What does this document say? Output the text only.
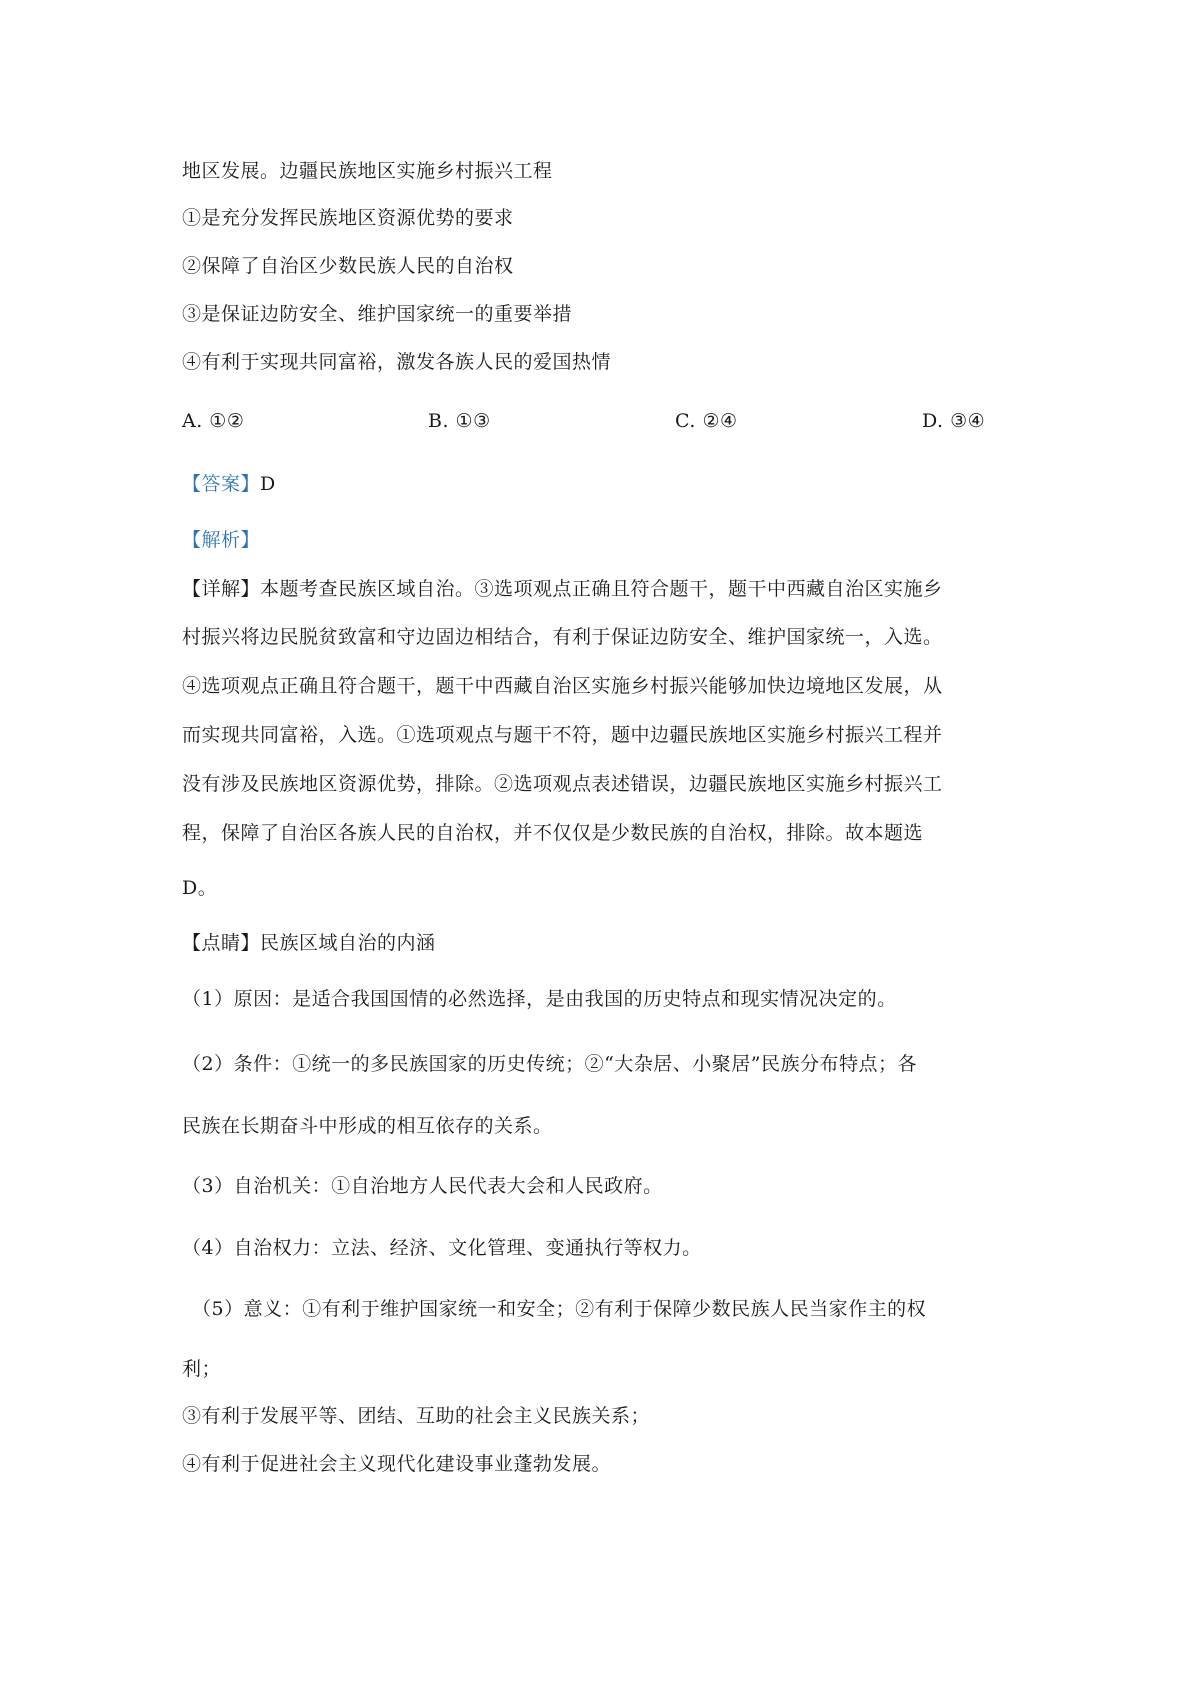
地区发展。边疆民族地区实施乡村振兴工程
①是充分发挥民族地区资源优势的要求
②保障了自治区少数民族人民的自治权
③是保证边防安全、维护国家统一的重要举措
④有利于实现共同富裕，激发各族人民的爱国热情
A. ①②	B. ①③	C. ②④	D. ③④
【答案】D
【解析】
【详解】本题考查民族区域自治。③选项观点正确且符合题干，题干中西藏自治区实施乡
村振兴将边民脱贫致富和守边固边相结合，有利于保证边防安全、维护国家统一，入选。
④选项观点正确且符合题干，题干中西藏自治区实施乡村振兴能够加快边境地区发展，从
而实现共同富裕，入选。①选项观点与题干不符，题中边疆民族地区实施乡村振兴工程并
没有涉及民族地区资源优势，排除。②选项观点表述错误，边疆民族地区实施乡村振兴工
程，保障了自治区各族人民的自治权，并不仅仅是少数民族的自治权，排除。故本题选
D。
【点睛】民族区域自治的内涵
（1）原因：是适合我国国情的必然选择，是由我国的历史特点和现实情况决定的。
（2）条件：①统一的多民族国家的历史传统；②“大杂居、小聚居”民族分布特点；各
民族在长期奋斗中形成的相互依存的关系。
（3）自治机关：①自治地方人民代表大会和人民政府。
（4）自治权力：立法、经济、文化管理、变通执行等权力。
（5）意义：①有利于维护国家统一和安全；②有利于保障少数民族人民当家作主的权
利；
③有利于发展平等、团结、互助的社会主义民族关系；
④有利于促进社会主义现代化建设事业蓬勃发展。
